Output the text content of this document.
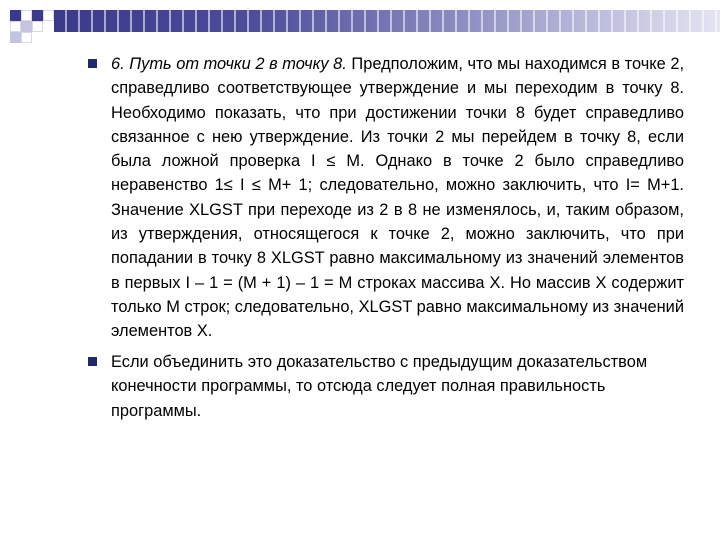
6. Путь от точки 2 в точку 8. Предположим, что мы находимся в точке 2, справедливо соответствующее утверждение и мы переходим в точку 8. Необходимо показать, что при достижении точки 8 будет справедливо связанное с нею утверждение. Из точки 2 мы перейдем в точку 8, если была ложной проверка I ≤ M. Однако в точке 2 было справедливо неравенство 1≤ I ≤ M+ 1; следовательно, можно заключить, что I= M+1. Значение XLGST при переходе из 2 в 8 не изменялось, и, таким образом, из утверждения, относящегося к точке 2, можно заключить, что при попадании в точку 8 XLGST равно максимальному из значений элементов в первых I – 1 = (M + 1) – 1 = M строках массива X. Но массив X содержит только M строк; следовательно, XLGST равно максимальному из значений элементов X.
Если объединить это доказательство с предыдущим доказательством конечности программы, то отсюда следует полная правильность программы.
